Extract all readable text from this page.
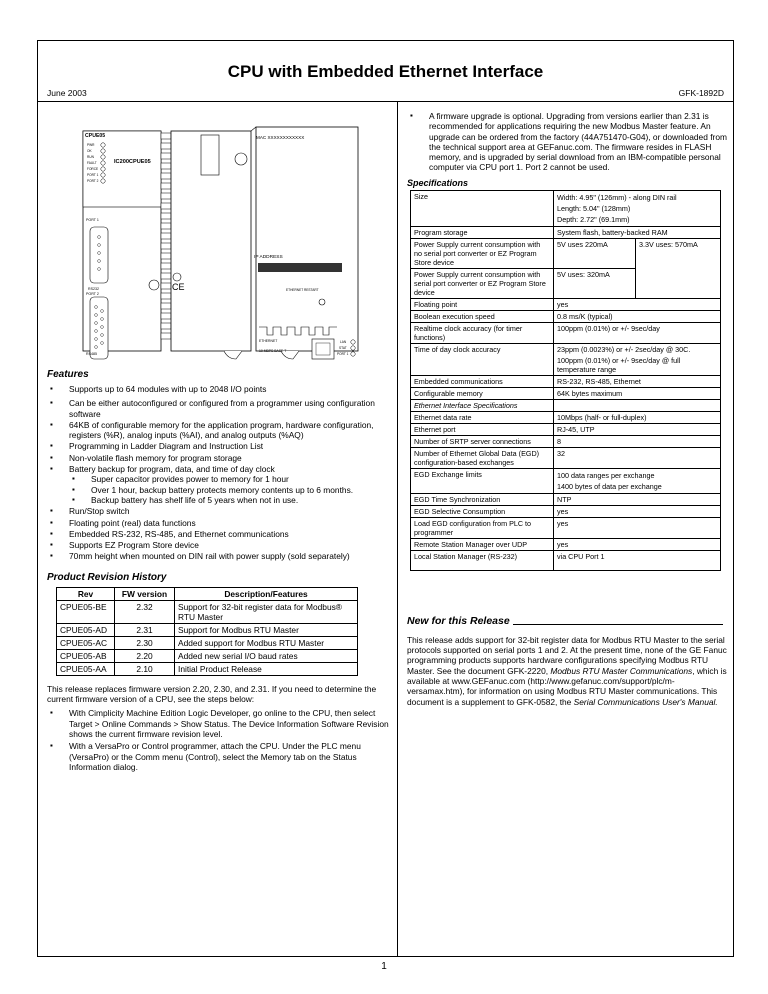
CPU with Embedded Ethernet Interface
June 2003	GFK-1892D
CE
CPUE05
IC200CPUE05
MAC XXXXXXXXXXXX
IP ADDRESS
PORT 1
RS232
PORT 2
RS485
ETHERNET RESTART
ETHERNET
10 MBPS BASE T
PWR
OK
RUN
FAULT
FORCE
PORT 1
PORT 2
LAN
STAT
PORT 1
Features
▪ Supports up to 64 modules with up to 2048 I/O points
▪ Can be either autoconfigured or configured from a programmer using configuration software
▪ 64KB of configurable memory for the application program, hardware configuration, registers (%R), analog inputs (%AI), and analog outputs (%AQ)
▪ Programming in Ladder Diagram and Instruction List
▪ Non-volatile flash memory for program storage
▪ Battery backup for program, data, and time of day clock
▪ Super capacitor provides power to memory for 1 hour
▪ Over 1 hour, backup battery protects memory contents up to 6 months.
▪ Backup battery has shelf life of 5 years when not in use.
▪ Run/Stop switch
▪ Floating point (real) data functions
▪ Embedded RS-232, RS-485, and Ethernet communications
▪ Supports EZ Program Store device
▪ 70mm height when mounted on DIN rail with power supply (sold separately)
Product Revision History
Rev	FW version	Description/Features
CPUE05-BE	2.32	Support for 32-bit register data for Modbus® RTU Master
CPUE05-AD	2.31	Support for Modbus RTU Master
CPUE05-AC	2.30	Added support for Modbus RTU Master
CPUE05-AB	2.20	Added new serial I/O baud rates
CPUE05-AA	2.10	Initial Product Release

This release replaces firmware version 2.20, 2.30, and 2.31. If you need to determine the current firmware version of a CPU, see the steps below:

▪ With Cimplicity Machine Edition Logic Developer, go online to the CPU, then select Target > Online Commands > Show Status. The Device Information Software Revision shows the current firmware revision level.
▪ With a VersaPro or Control programmer, attach the CPU. Under the PLC menu (VersaPro) or the Comm menu (Control), select the Memory tab on the Status Information dialog.
▪ A firmware upgrade is optional. Upgrading from versions earlier than 2.31 is recommended for applications requiring the new Modbus Master feature. An upgrade can be ordered from the factory (44A751470-G04), or downloaded from the technical support area at GEFanuc.com. The firmware resides in FLASH memory, and is upgraded by serial download from an IBM-compatible personal computer via CPU port 1. Port 2 cannot be used.
Specifications
Size	Width: 4.95" (126mm) - along DIN rail
Length: 5.04" (128mm)
Depth: 2.72" (69.1mm)	

Program storage	System flash, battery-backed RAM	
Power Supply current consumption with no serial port converter or EZ Program Store device	5V uses 220mA	3.3V uses: 570mA
Power Supply current consumption with serial port converter or EZ Program Store device	5V uses: 320mA	
Floating point	yes	
Boolean execution speed	0.8 ms/K (typical)	
Realtime clock accuracy (for timer functions)	100ppm (0.01%) or +/- 9sec/day	
Time of day clock accuracy	23ppm (0.0023%) or +/- 2sec/day @ 30C.
100ppm (0.01%) or +/- 9sec/day @ full temperature range	

Embedded communications	RS-232, RS-485, Ethernet	
Configurable memory	64K bytes maximum	
Ethernet Interface Specifications		
Ethernet data rate	10Mbps (half- or full-duplex)	
Ethernet port	RJ-45, UTP	
Number of SRTP server connections	8	
Number of Ethernet Global Data (EGD) configuration-based exchanges	32	
EGD Exchange limits	100 data ranges per exchange
1400 bytes of data per exchange	

EGD Time Synchronization	NTP	
EGD Selective Consumption	yes	
Load EGD configuration from PLC to programmer	yes	
Remote Station Manager over UDP	yes	
Local Station Manager (RS-232)	via CPU Port 1	
New for this Release

This release adds support for 32-bit register data for Modbus RTU Master to the serial protocols supported on serial ports 1 and 2. At the present time, none of the GE Fanuc programming products supports hardware configurations specifying Modbus RTU Master. See the document GFK-2220, Modbus RTU Master Communications, which is available at www.GEFanuc.com (http://www.gefanuc.com/support/plc/m-versamax.htm), for information on using Modbus RTU Master communications. This document is a supplement to GFK-0582, the Serial Communications User's Manual.

1
